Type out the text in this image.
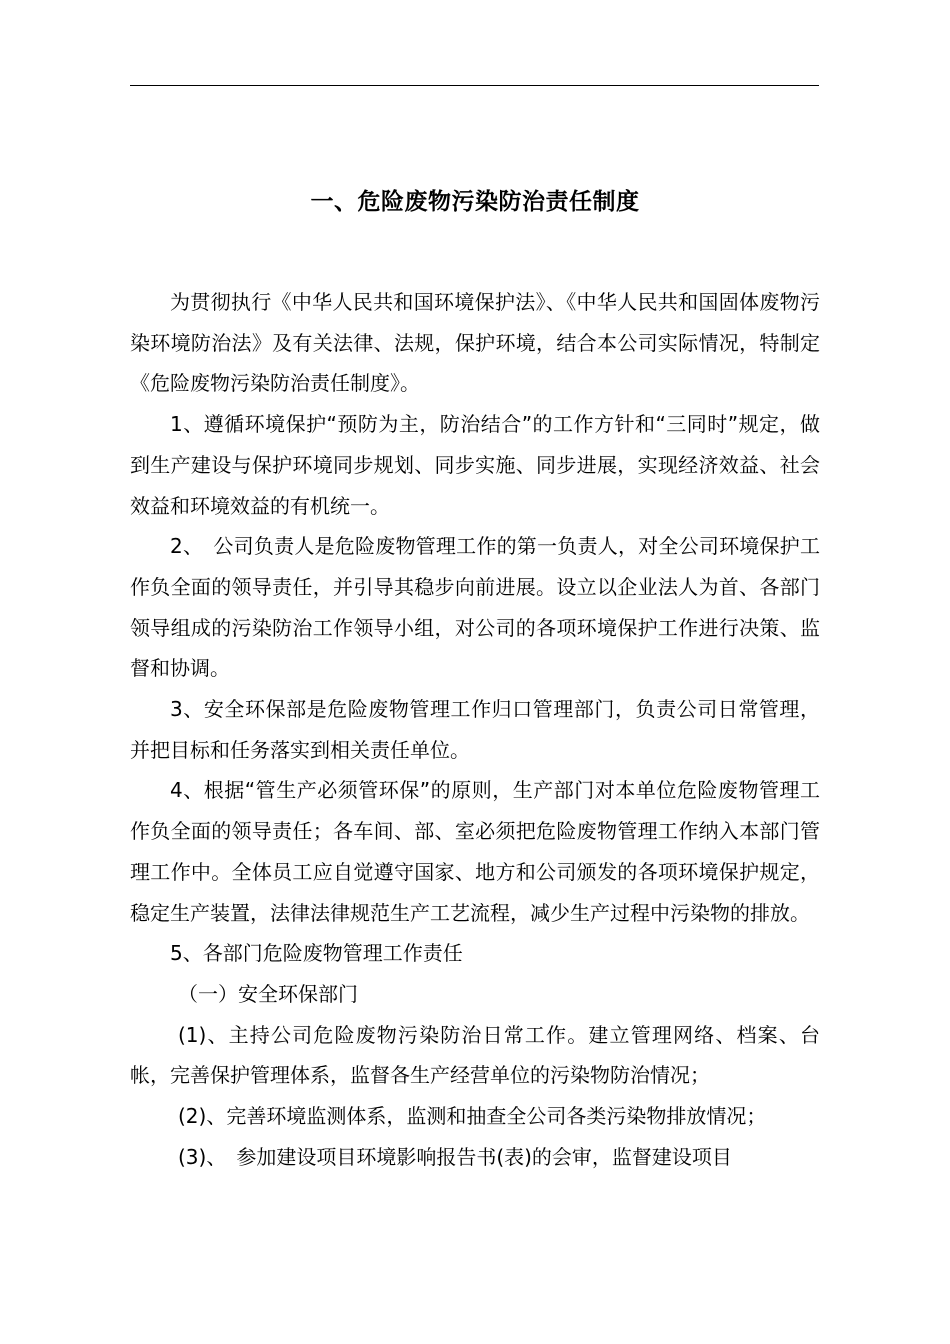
一、危险废物污染防治责任制度

为贯彻执行《中华人民共和国环境保护法》、《中华人民共和国固体废物污染环境防治法》及有关法律、法规，保护环境，结合本公司实际情况，特制定《危险废物污染防治责任制度》。

1、遵循环境保护“预防为主，防治结合”的工作方针和“三同时”规定，做到生产建设与保护环境同步规划、同步实施、同步进展，实现经济效益、社会效益和环境效益的有机统一。

2、　公司负责人是危险废物管理工作的第一负责人，对全公司环境保护工作负全面的领导责任，并引导其稳步向前进展。设立以企业法人为首、各部门领导组成的污染防治工作领导小组，对公司的各项环境保护工作进行决策、监督和协调。

3、安全环保部是危险废物管理工作归口管理部门，负责公司日常管理，并把目标和任务落实到相关责任单位。

4、根据“管生产必须管环保”的原则，生产部门对本单位危险废物管理工作负全面的领导责任；各车间、部、室必须把危险废物管理工作纳入本部门管理工作中。全体员工应自觉遵守国家、地方和公司颁发的各项环境保护规定，稳定生产装置，法律法律规范生产工艺流程，减少生产过程中污染物的排放。

5、各部门危险废物管理工作责任

（一）安全环保部门

(1)、主持公司危险废物污染防治日常工作。建立管理网络、档案、台帐，完善保护管理体系，监督各生产经营单位的污染物防治情况；

(2)、完善环境监测体系，监测和抽查全公司各类污染物排放情况；

(3)、　参加建设项目环境影响报告书(表)的会审，监督建设项目
